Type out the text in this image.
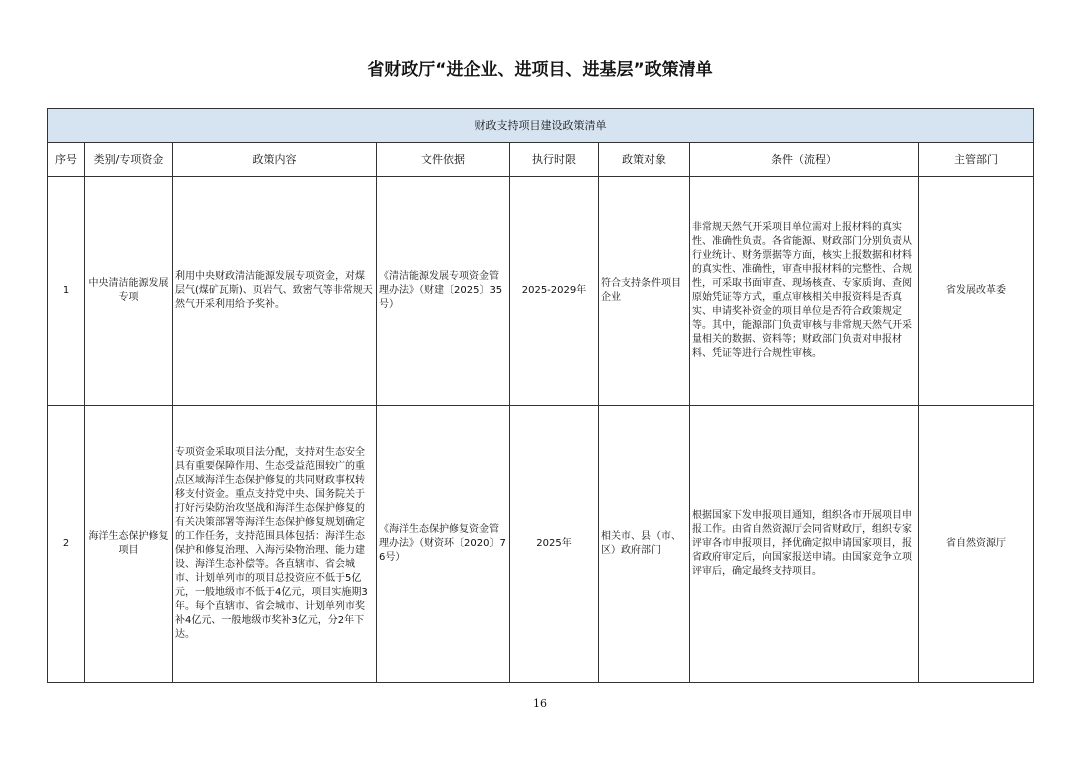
省财政厅“进企业、进项目、进基层”政策清单
财政支持项目建设政策清单							
序号	类别/专项资金	政策内容	文件依据	执行时限	政策对象	条件（流程）	主管部门
1	中央清洁能源发展专项	利用中央财政清洁能源发展专项资金，对煤层气(煤矿瓦斯)、页岩气、致密气等非常规天然气开采利用给予奖补。	《清洁能源发展专项资金管理办法》（财建〔2025〕35号）	2025-2029年	符合支持条件项目企业	非常规天然气开采项目单位需对上报材料的真实性、准确性负责。各省能源、财政部门分别负责从行业统计、财务票据等方面，核实上报数据和材料的真实性、准确性，审查申报材料的完整性、合规性，可采取书面审查、现场核查、专家质询、查阅原始凭证等方式，重点审核相关申报资料是否真实、申请奖补资金的项目单位是否符合政策规定等。其中，能源部门负责审核与非常规天然气开采量相关的数据、资料等；财政部门负责对申报材料、凭证等进行合规性审核。	省发展改革委
2	海洋生态保护修复项目	专项资金采取项目法分配，支持对生态安全具有重要保障作用、生态受益范围较广的重点区域海洋生态保护修复的共同财政事权转移支付资金。重点支持党中央、国务院关于打好污染防治攻坚战和海洋生态保护修复的有关决策部署等海洋生态保护修复规划确定的工作任务，支持范围具体包括：海洋生态保护和修复治理、入海污染物治理、能力建设、海洋生态补偿等。各直辖市、省会城市、计划单列市的项目总投资应不低于5亿元，一般地级市不低于4亿元，项目实施期3年。每个直辖市、省会城市、计划单列市奖补4亿元、一般地级市奖补3亿元，分2年下达。	《海洋生态保护修复资金管理办法》（财资环〔2020〕76号）	2025年	相关市、县（市、区）政府部门	根据国家下发申报项目通知，组织各市开展项目申报工作。由省自然资源厅会同省财政厅，组织专家评审各市申报项目，择优确定拟申请国家项目，报省政府审定后，向国家报送申请。由国家竞争立项评审后，确定最终支持项目。	省自然资源厅
16
